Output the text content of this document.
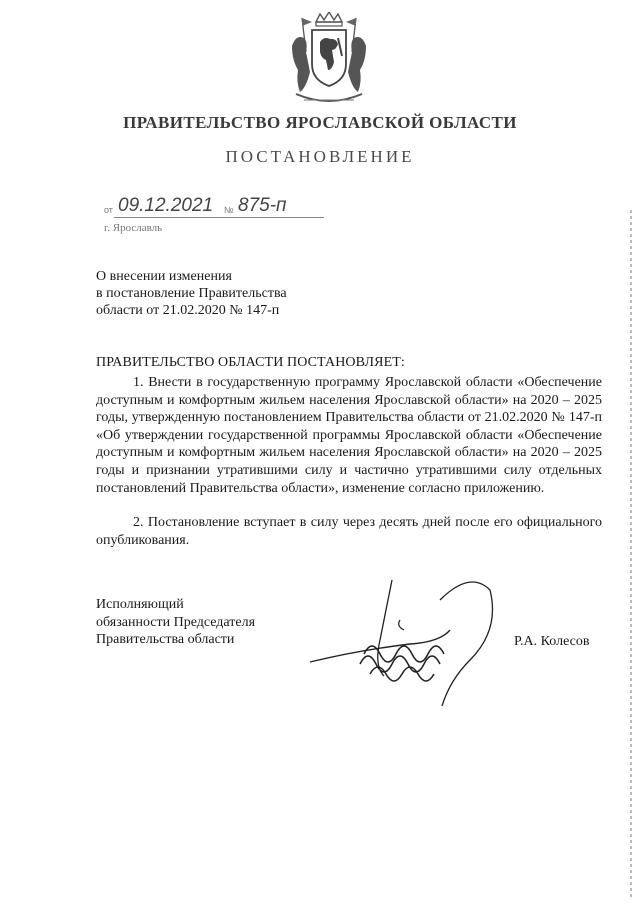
ПРАВИТЕЛЬСТВО ЯРОСЛАВСКОЙ ОБЛАСТИ
ПОСТАНОВЛЕНИЕ
от 09.12.2021 № 875-п
г. Ярославль
О внесении изменения
в постановление Правительства
области от 21.02.2020 № 147-п
ПРАВИТЕЛЬСТВО ОБЛАСТИ ПОСТАНОВЛЯЕТ:
1. Внести в государственную программу Ярославской области «Обеспечение доступным и комфортным жильем населения Ярославской области» на 2020 – 2025 годы, утвержденную постановлением Правительства области от 21.02.2020 № 147-п «Об утверждении государственной программы Ярославской области «Обеспечение доступным и комфортным жильем населения Ярославской области» на 2020 – 2025 годы и признании утратившими силу и частично утратившими силу отдельных постановлений Правительства области», изменение согласно приложению.
2. Постановление вступает в силу через десять дней после его официального опубликования.
Исполняющий
обязанности Председателя
Правительства области	Р.А. Колесов
